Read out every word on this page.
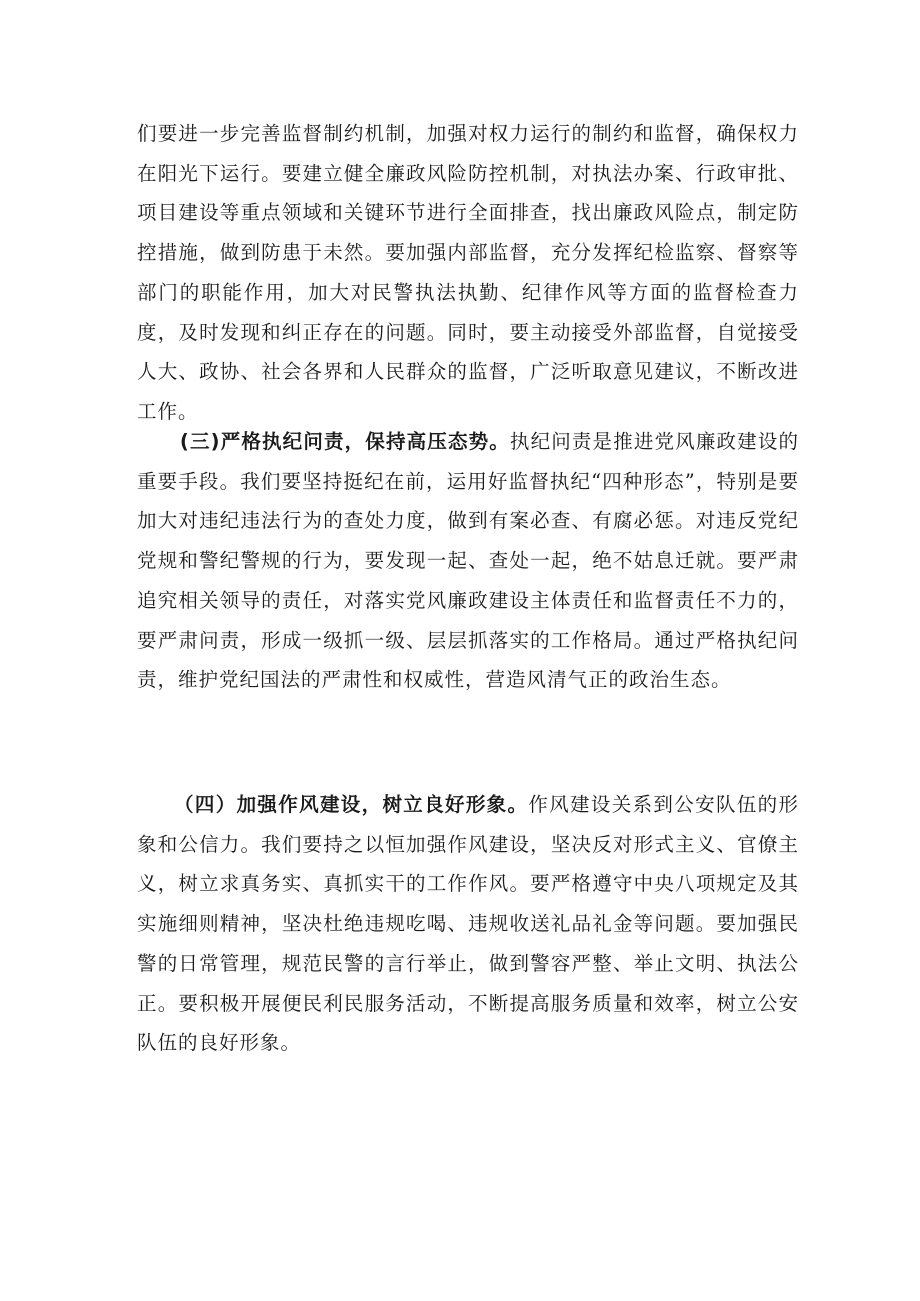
们要进一步完善监督制约机制，加强对权力运行的制约和监督，确保权力在阳光下运行。要建立健全廉政风险防控机制，对执法办案、行政审批、项目建设等重点领域和关键环节进行全面排查，找出廉政风险点，制定防控措施，做到防患于未然。要加强内部监督，充分发挥纪检监察、督察等部门的职能作用，加大对民警执法执勤、纪律作风等方面的监督检查力度，及时发现和纠正存在的问题。同时，要主动接受外部监督，自觉接受人大、政协、社会各界和人民群众的监督，广泛听取意见建议，不断改进工作。

(三)严格执纪问责，保持高压态势。执纪问责是推进党风廉政建设的重要手段。我们要坚持挺纪在前，运用好监督执纪“四种形态”，特别是要加大对违纪违法行为的查处力度，做到有案必查、有腐必惩。对违反党纪党规和警纪警规的行为，要发现一起、查处一起，绝不姑息迁就。要严肃追究相关领导的责任，对落实党风廉政建设主体责任和监督责任不力的，要严肃问责，形成一级抓一级、层层抓落实的工作格局。通过严格执纪问责，维护党纪国法的严肃性和权威性，营造风清气正的政治生态。

（四）加强作风建设，树立良好形象。作风建设关系到公安队伍的形象和公信力。我们要持之以恒加强作风建设，坚决反对形式主义、官僚主义，树立求真务实、真抓实干的工作作风。要严格遵守中央八项规定及其实施细则精神，坚决杜绝违规吃喝、违规收送礼品礼金等问题。要加强民警的日常管理，规范民警的言行举止，做到警容严整、举止文明、执法公正。要积极开展便民利民服务活动，不断提高服务质量和效率，树立公安队伍的良好形象。
